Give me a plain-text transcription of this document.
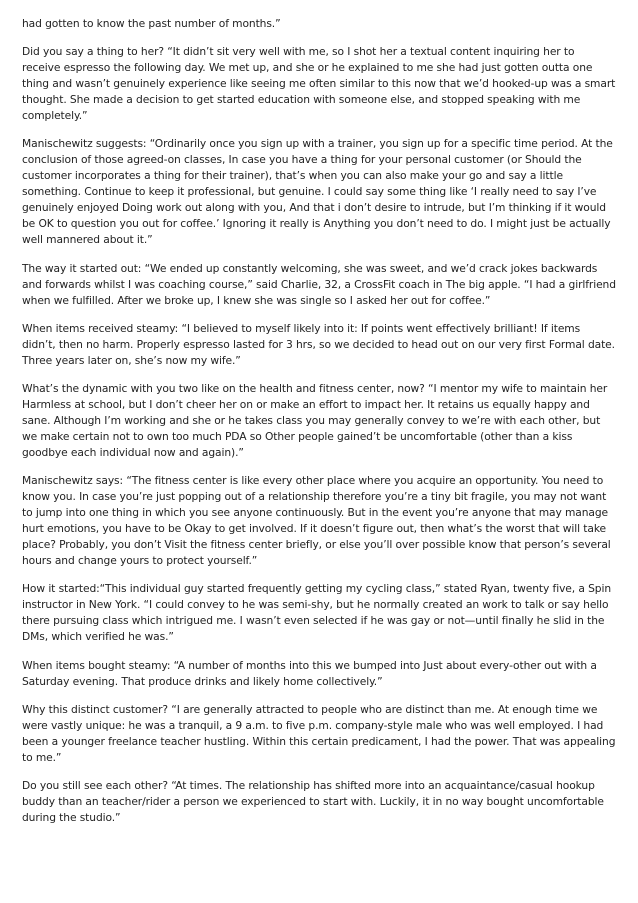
had gotten to know the past number of months.”

Did you say a thing to her? “It didn’t sit very well with me, so I shot her a textual content inquiring her to receive espresso the following day. We met up, and she or he explained to me she had just gotten outta one thing and wasn’t genuinely experience like seeing me often similar to this now that we’d hooked-up was a smart thought. She made a decision to get started education with someone else, and stopped speaking with me completely.”

Manischewitz suggests: “Ordinarily once you sign up with a trainer, you sign up for a specific time period. At the conclusion of those agreed-on classes, In case you have a thing for your personal customer (or Should the customer incorporates a thing for their trainer), that’s when you can also make your go and say a little something. Continue to keep it professional, but genuine. I could say some thing like ‘I really need to say I’ve genuinely enjoyed Doing work out along with you, And that i don’t desire to intrude, but I’m thinking if it would be OK to question you out for coffee.’ Ignoring it really is Anything you don’t need to do. I might just be actually well mannered about it.”

The way it started out: “We ended up constantly welcoming, she was sweet, and we’d crack jokes backwards and forwards whilst I was coaching course,” said Charlie, 32, a CrossFit coach in The big apple. “I had a girlfriend when we fulfilled. After we broke up, I knew she was single so I asked her out for coffee.”

When items received steamy: “I believed to myself likely into it: If points went effectively brilliant! If items didn’t, then no harm. Properly espresso lasted for 3 hrs, so we decided to head out on our very first Formal date. Three years later on, she’s now my wife.”

What’s the dynamic with you two like on the health and fitness center, now? “I mentor my wife to maintain her Harmless at school, but I don’t cheer her on or make an effort to impact her. It retains us equally happy and sane. Although I’m working and she or he takes class you may generally convey to we’re with each other, but we make certain not to own too much PDA so Other people gained’t be uncomfortable (other than a kiss goodbye each individual now and again).”

Manischewitz says: “The fitness center is like every other place where you acquire an opportunity. You need to know you. In case you’re just popping out of a relationship therefore you’re a tiny bit fragile, you may not want to jump into one thing in which you see anyone continuously. But in the event you’re anyone that may manage hurt emotions, you have to be Okay to get involved. If it doesn’t figure out, then what’s the worst that will take place? Probably, you don’t Visit the fitness center briefly, or else you’ll over possible know that person’s several hours and change yours to protect yourself.”

How it started:“This individual guy started frequently getting my cycling class,” stated Ryan, twenty five, a Spin instructor in New York. “I could convey to he was semi-shy, but he normally created an work to talk or say hello there pursuing class which intrigued me. I wasn’t even selected if he was gay or not—until finally he slid in the DMs, which verified he was.”

When items bought steamy: “A number of months into this we bumped into Just about every-other out with a Saturday evening. That produce drinks and likely home collectively.”

Why this distinct customer? “I are generally attracted to people who are distinct than me. At enough time we were vastly unique: he was a tranquil, a 9 a.m. to five p.m. company-style male who was well employed. I had been a younger freelance teacher hustling. Within this certain predicament, I had the power. That was appealing to me.”

Do you still see each other? “At times. The relationship has shifted more into an acquaintance/casual hookup buddy than an teacher/rider a person we experienced to start with. Luckily, it in no way bought uncomfortable during the studio.”
